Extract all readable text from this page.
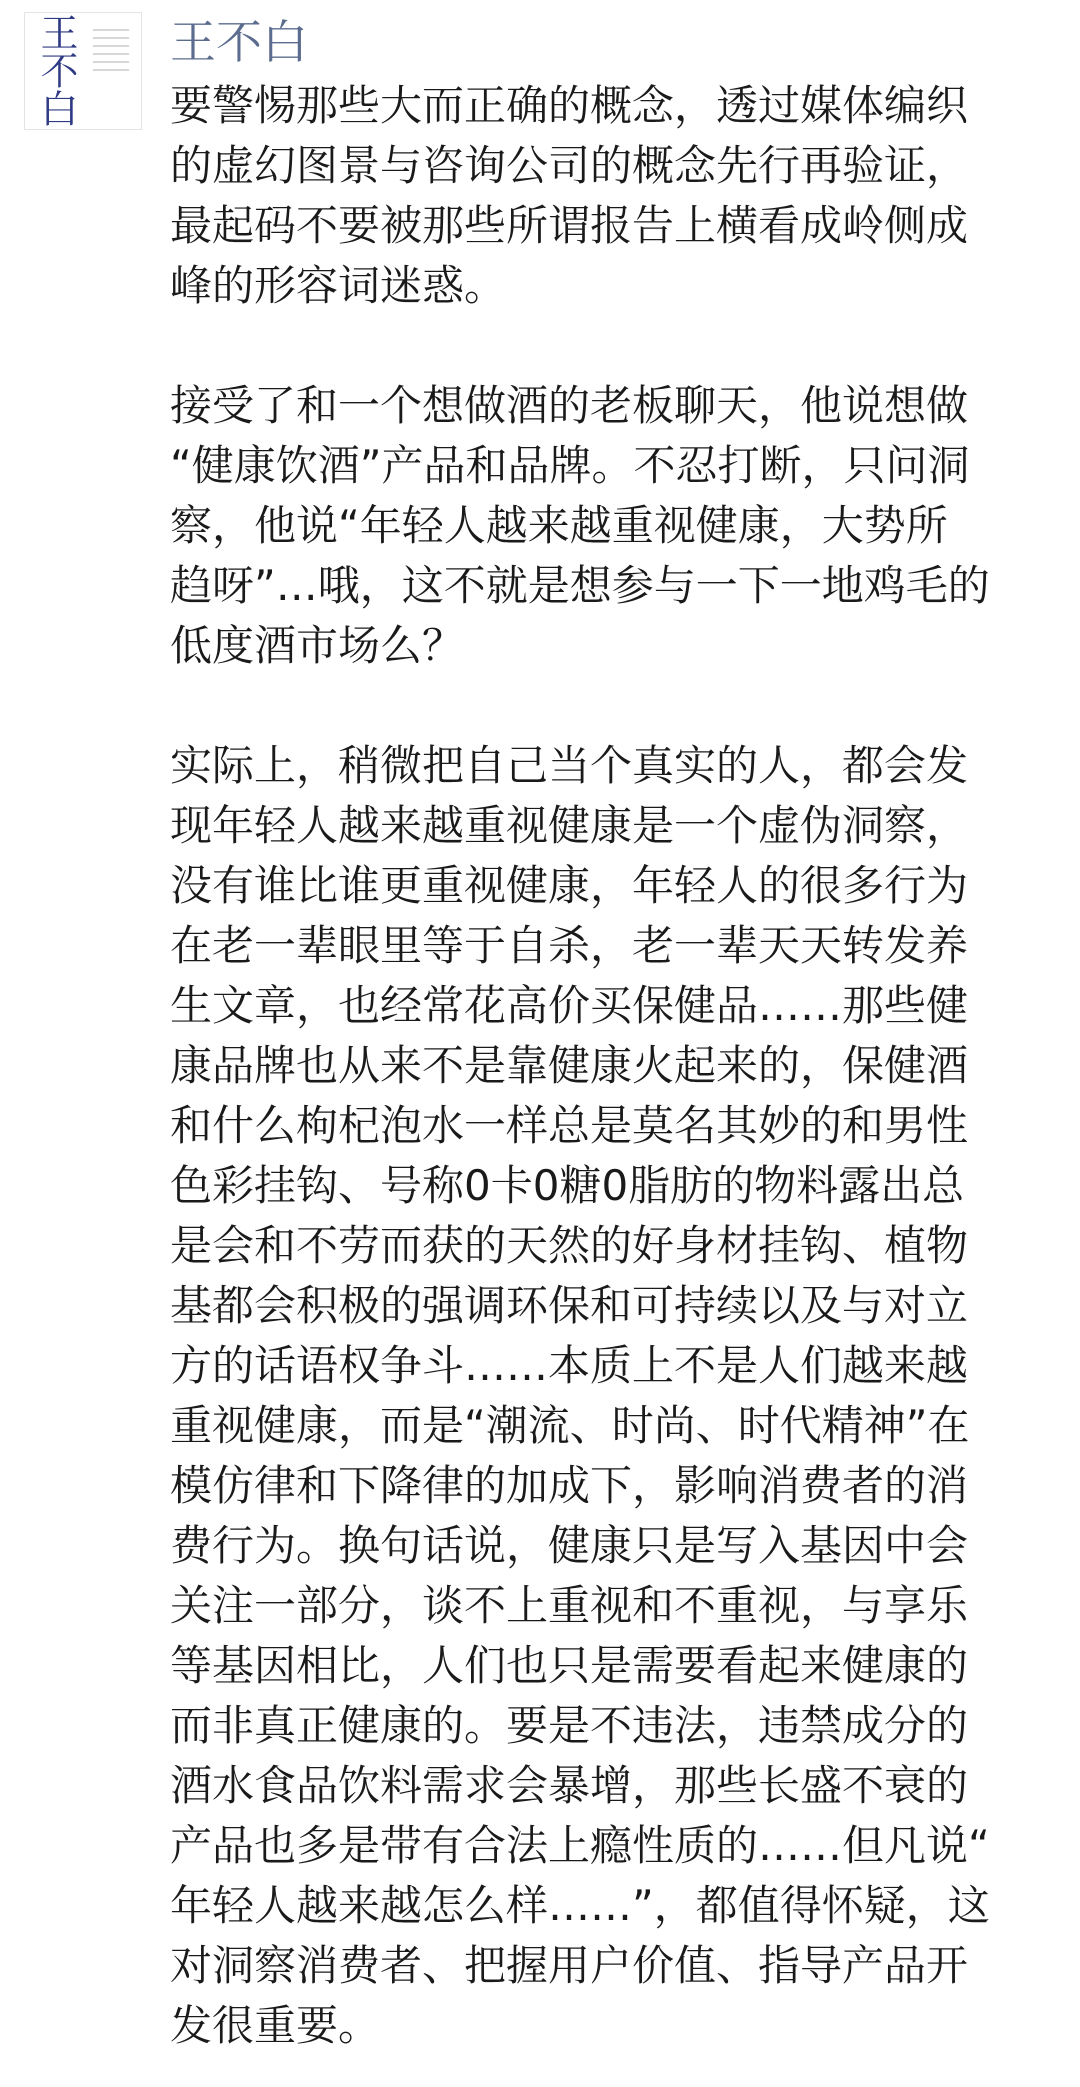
王不白 王不白
要警惕那些大而正确的概念，透过媒体编织
的虚幻图景与咨询公司的概念先行再验证，
最起码不要被那些所谓报告上横看成岭侧成
峰的形容词迷惑。
接受了和一个想做酒的老板聊天，他说想做
“健康饮酒”产品和品牌。不忍打断，只问洞
察，他说“年轻人越来越重视健康，大势所
趋呀”…哦，这不就是想参与一下一地鸡毛的
低度酒市场么？
实际上，稍微把自己当个真实的人，都会发
现年轻人越来越重视健康是一个虚伪洞察，
没有谁比谁更重视健康，年轻人的很多行为
在老一辈眼里等于自杀，老一辈天天转发养
生文章，也经常花高价买保健品……那些健
康品牌也从来不是靠健康火起来的，保健酒
和什么枸杞泡水一样总是莫名其妙的和男性
色彩挂钩、号称0卡0糖0脂肪的物料露出总
是会和不劳而获的天然的好身材挂钩、植物
基都会积极的强调环保和可持续以及与对立
方的话语权争斗……本质上不是人们越来越
重视健康，而是“潮流、时尚、时代精神”在
模仿律和下降律的加成下，影响消费者的消
费行为。换句话说，健康只是写入基因中会
关注一部分，谈不上重视和不重视，与享乐
等基因相比，人们也只是需要看起来健康的
而非真正健康的。要是不违法，违禁成分的
酒水食品饮料需求会暴增，那些长盛不衰的
产品也多是带有合法上瘾性质的……但凡说“
年轻人越来越怎么样……”，都值得怀疑，这
对洞察消费者、把握用户价值、指导产品开
发很重要。
